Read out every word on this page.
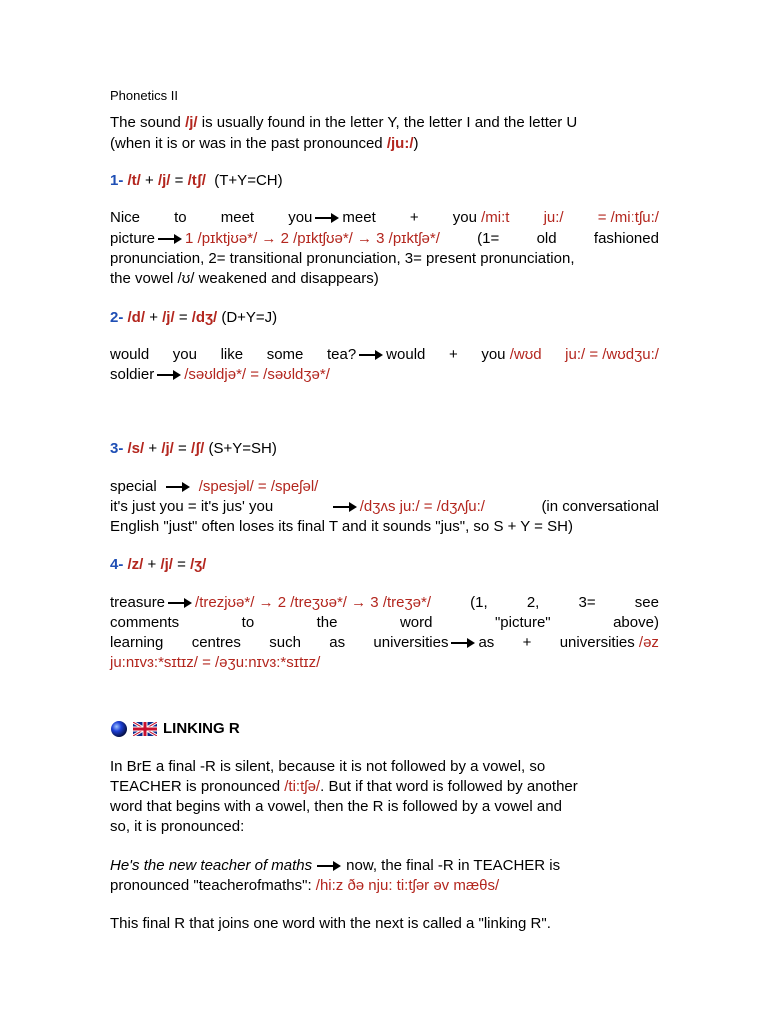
Phonetics II
The sound /j/ is usually found in the letter Y, the letter I and the letter U
(when it is or was in the past pronounced /ju:/)
1- /t/ + /j/ = /tʃ/ (T+Y=CH)
Nice to meet you meet + you /mi:t ju:/ = /miːtʃu:/
picture 1 /pɪktjʊə*/ → 2 /pɪktʃʊə*/ → 3 /pɪktʃə*/ (1= old fashioned
pronunciation, 2= transitional pronunciation, 3= present pronunciation,
the vowel /ʊ/ weakened and disappears)
2- /d/ + /j/ = /dʒ/ (D+Y=J)
would you like some tea? would + you /wʊd ju:/ = /wʊdʒu:/
soldier /səʊldjə*/ = /səʊldʒə*/
3- /s/ + /j/ = /ʃ/ (S+Y=SH)
special	/spesjəl/ = /speʃəl/
it's just you = it's jus' you	/dʒʌs ju:/ = /dʒʌʃu:/	(in conversational
English "just" often loses its final T and it sounds "jus", so S + Y = SH)
4- /z/ + /j/ = /ʒ/
treasure /trezjʊə*/ → 2 /treʒʊə*/ → 3 /treʒə*/	(1,	2,	3=	see
comments	to	the	word	"picture"	above)
learning centres such as universities as + universities /əz
ju:nɪvɜ:*sɪtɪz/ = /əʒu:nɪvɜ:*sɪtɪz/
LINKING R
In BrE a final -R is silent, because it is not followed by a vowel, so
TEACHER is pronounced /ti:tʃə/. But if that word is followed by another
word that begins with a vowel, then the R is followed by a vowel and
so, it is pronounced:
He's the new teacher of maths now, the final -R in TEACHER is
pronounced "teacherofmaths": /hi:z ðə nju: ti:tʃər əv mæθs/
This final R that joins one word with the next is called a "linking R".
